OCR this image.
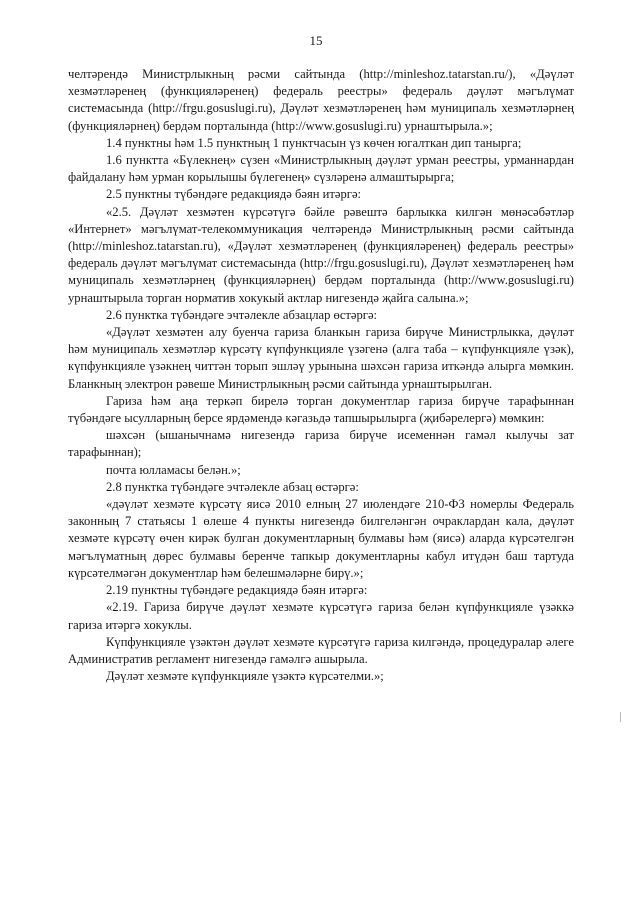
15

челтәрендә Министрлыкның рәсми сайтында (http://minleshoz.tatarstan.ru/), «Дәүләт хезмәтләренең (функцияләренең) федераль реестры» федераль дәүләт мәгълүмат системасында (http://frgu.gosuslugi.ru), Дәүләт хезмәтләренең һәм муниципаль хезмәтләрнең (функцияләрнең) бердәм порталында (http://www.gosuslugi.ru) урнаштырыла.»;

1.4 пунктны һәм 1.5 пунктның 1 пунктчасын үз көчен югалткан дип танырга;

1.6 пунктта «Бүлекнең» сүзен «Министрлыкның дәүләт урман реестры, урманнардан файдалану һәм урман корылышы бүлегенең» сүзләренә алмаштырырга;

2.5 пунктны түбәндәге редакциядә бәян итәргә:

«2.5. Дәүләт хезмәтен күрсәтүгә бәйле рәвештә барлыкка килгән мөнәсәбәтләр «Интернет» мәгълүмат-телекоммуникация челтәрендә Министрлыкның рәсми сайтында (http://minleshoz.tatarstan.ru), «Дәүләт хезмәтләренең (функцияләренең) федераль реестры» федераль дәүләт мәгълүмат системасында (http://frgu.gosuslugi.ru), Дәүләт хезмәтләренең һәм муниципаль хезмәтләрнең (функцияләрнең) бердәм порталында (http://www.gosuslugi.ru) урнаштырыла торган норматив хокукый актлар нигезендә җайга салына.»;

2.6 пунктка түбәндәге эчтәлекле абзацлар өстәргә:

«Дәүләт хезмәтен алу буенча гариза бланкын гариза бирүче Министрлыкка, дәүләт һәм муниципаль хезмәтләр күрсәтү күпфункцияле үзәгенә (алга таба – күпфункцияле үзәк), күпфункцияле үзәкнең читтән торып эшләү урынына шәхсән гариза иткәндә алырга мөмкин. Бланкның электрон рәвеше Министрлыкның рәсми сайтында урнаштырылган.

Гариза һәм аңа теркәп бирелә торган документлар гариза бирүче тарафыннан түбәндәге ысулларның берсе ярдәмендә кәгазьдә тапшырылырга (җибәрелергә) мөмкин:

шәхсән (ышанычнамә нигезендә гариза бирүче исеменнән гамәл кылучы зат тарафыннан);

почта юлламасы белән.»;

2.8 пунктка түбәндәге эчтәлекле абзац өстәргә:

«дәүләт хезмәте күрсәтү яисә 2010 елның 27 июлендәге 210-ФЗ номерлы Федераль законның 7 статьясы 1 өлеше 4 пункты нигезендә билгеләнгән очраклардан кала, дәүләт хезмәте күрсәтү өчен кирәк булган документларның булмавы һәм (яисә) аларда күрсәтелгән мәгълүматның дөрес булмавы беренче тапкыр документларны кабул итүдән баш тартуда күрсәтелмәгән документлар һәм белешмәләрне бирү.»;

2.19 пунктны түбәндәге редакциядә бәян итәргә:

«2.19. Гариза бирүче дәүләт хезмәте күрсәтүгә гариза белән күпфункцияле үзәккә гариза итәргә хокуклы.

Күпфункцияле үзәктән дәүләт хезмәте күрсәтүгә гариза килгәндә, процедуралар әлеге Административ регламент нигезендә гамәлгә ашырыла.

Дәүләт хезмәте күпфункцияле үзәктә күрсәтелми.»;
